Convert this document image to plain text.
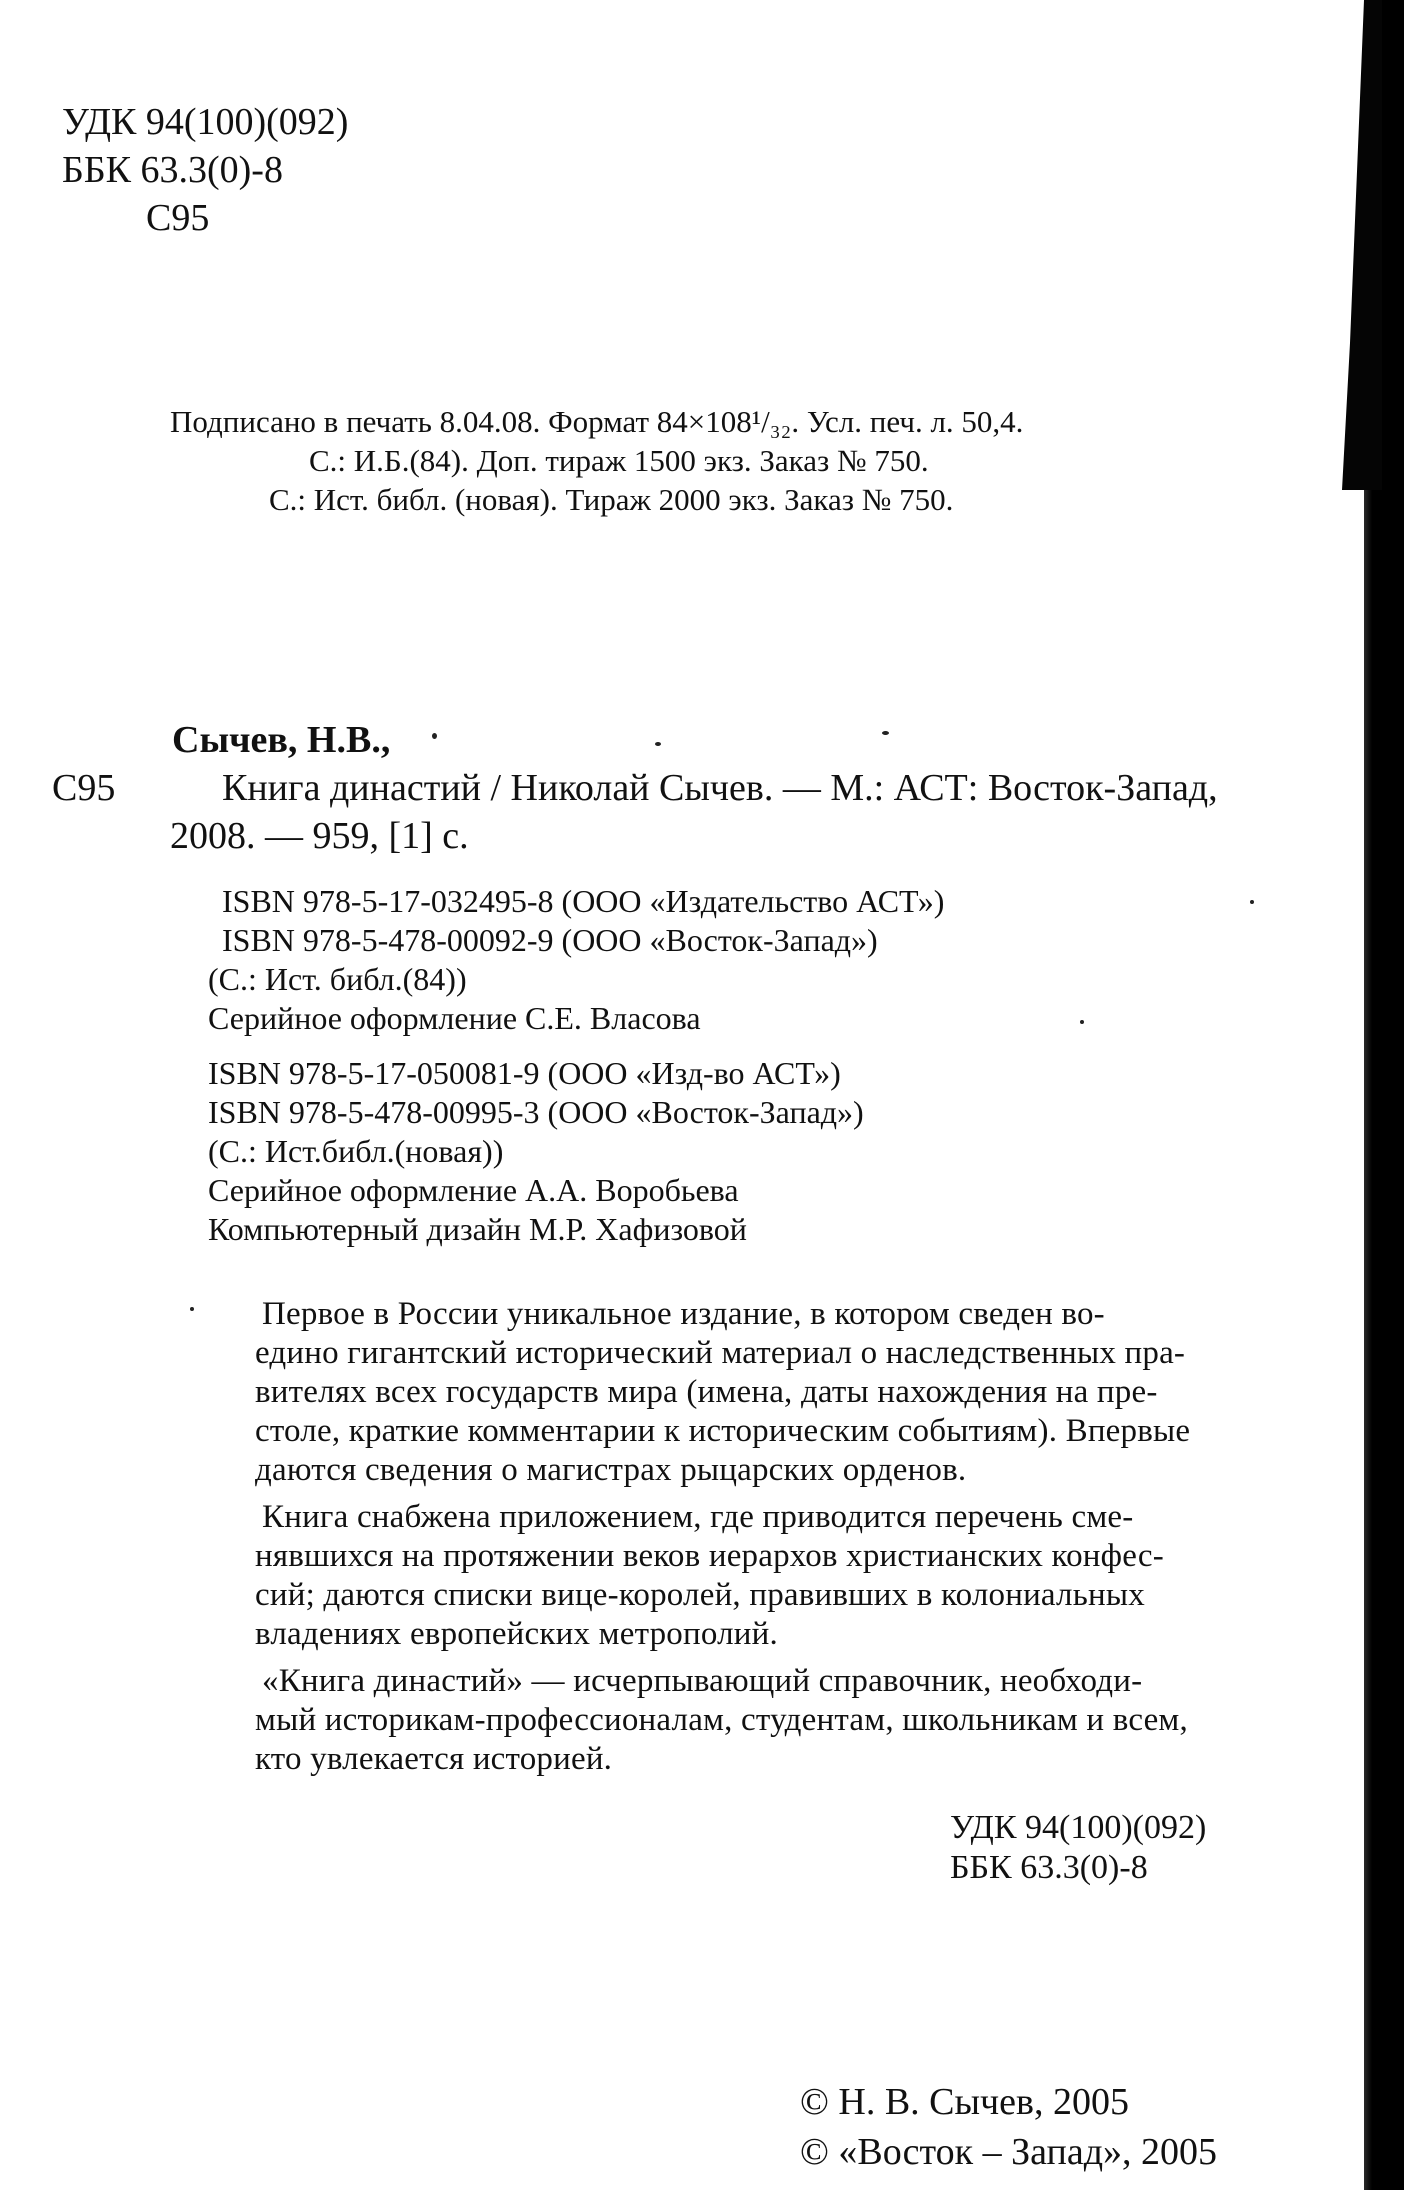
УДК 94(100)(092)
ББК 63.3(0)-8
С95
Подписано в печать 8.04.08. Формат 84×108¹/₃₂. Усл. печ. л. 50,4.
С.: И.Б.(84). Доп. тираж 1500 экз. Заказ № 750.
С.: Ист. библ. (новая). Тираж 2000 экз. Заказ № 750.
Сычев, Н.В.,
С95	Книга династий / Николай Сычев. — М.: АСТ: Восток-Запад,
2008. — 959, [1] с.
ISBN 978-5-17-032495-8 (ООО «Издательство АСТ»)
ISBN 978-5-478-00092-9 (ООО «Восток-Запад»)
(С.: Ист. библ.(84))
Серийное оформление С.Е. Власова
ISBN 978-5-17-050081-9 (ООО «Изд-во АСТ»)
ISBN 978-5-478-00995-3 (ООО «Восток-Запад»)
(С.: Ист.библ.(новая))
Серийное оформление А.А. Воробьева
Компьютерный дизайн М.Р. Хафизовой

Первое в России уникальное издание, в котором сведен во-
едино гигантский исторический материал о наследственных пра-
вителях всех государств мира (имена, даты нахождения на пре-
столе, краткие комментарии к историческим событиям). Впервые
даются сведения о магистрах рыцарских орденов.

Книга снабжена приложением, где приводится перечень сме-
нявшихся на протяжении веков иерархов христианских конфес-
сий; даются списки вице-королей, правивших в колониальных
владениях европейских метрополий.

«Книга династий» — исчерпывающий справочник, необходи-
мый историкам-профессионалам, студентам, школьникам и всем,
кто увлекается историей.

УДК 94(100)(092)
ББК 63.3(0)-8
© Н. В. Сычев, 2005
© «Восток – Запад», 2005
